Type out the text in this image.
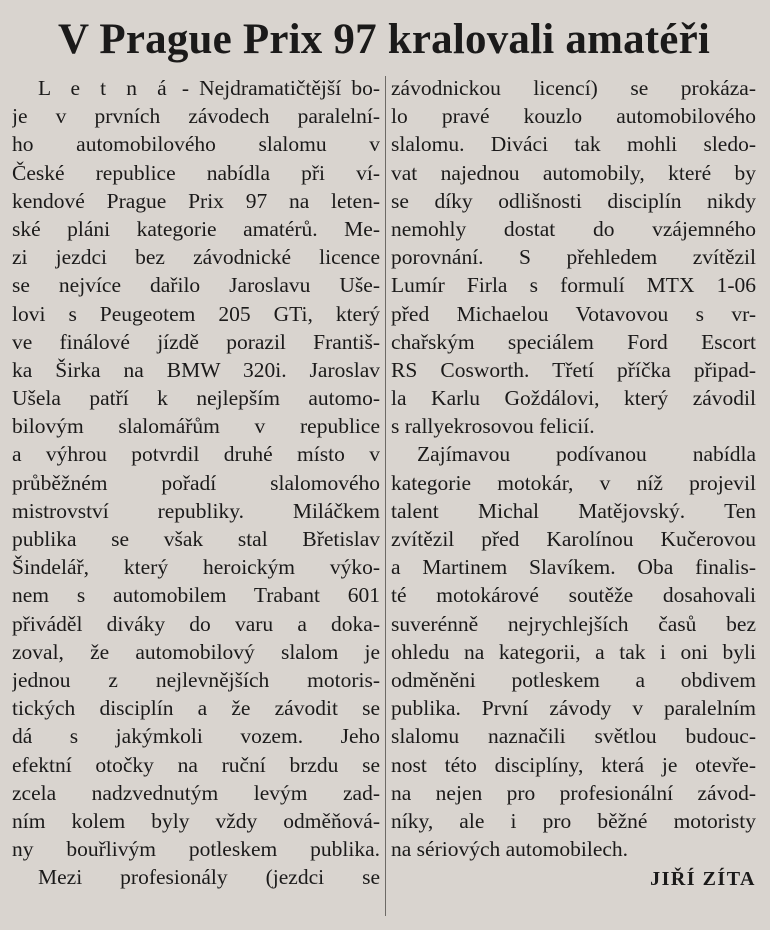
V Prague Prix 97 kralovali amatéři
L e t n á - Nejdramatičtější bo-
je v prvních závodech paralelní-
ho automobilového slalomu v
České republice nabídla při ví-
kendové Prague Prix 97 na leten-
ské pláni kategorie amatérů. Me-
zi jezdci bez závodnické licence
se nejvíce dařilo Jaroslavu Uše-
lovi s Peugeotem 205 GTi, který
ve finálové jízdě porazil Františ-
ka Širka na BMW 320i. Jaroslav
Ušela patří k nejlepším automo-
bilovým slalomářům v republice
a výhrou potvrdil druhé místo v
průběžném pořadí slalomového
mistrovství republiky. Miláčkem
publika se však stal Břetislav
Šindelář, který heroickým výko-
nem s automobilem Trabant 601
přiváděl diváky do varu a doka-
zoval, že automobilový slalom je
jednou z nejlevnějších motoris-
tických disciplín a že závodit se
dá s jakýmkoli vozem. Jeho
efektní otočky na ruční brzdu se
zcela nadzvednutým levým zad-
ním kolem byly vždy odměňová-
ny bouřlivým potleskem publika.
Mezi profesionály (jezdci se
závodnickou licencí) se prokáza-
lo pravé kouzlo automobilového
slalomu. Diváci tak mohli sledo-
vat najednou automobily, které by
se díky odlišnosti disciplín nikdy
nemohly dostat do vzájemného
porovnání. S přehledem zvítězil
Lumír Firla s formulí MTX 1-06
před Michaelou Votavovou s vr-
chařským speciálem Ford Escort
RS Cosworth. Třetí příčka připad-
la Karlu Goždálovi, který závodil
s rallyekrosovou felicií.
Zajímavou podívanou nabídla
kategorie motokár, v níž projevil
talent Michal Matějovský. Ten
zvítězil před Karolínou Kučerovou
a Martinem Slavíkem. Oba finalis-
té motokárové soutěže dosahovali
suverénně nejrychlejších časů bez
ohledu na kategorii, a tak i oni byli
odměněni potleskem a obdivem
publika. První závody v paralelním
slalomu naznačili světlou budouc-
nost této disciplíny, která je otevře-
na nejen pro profesionální závod-
níky, ale i pro běžné motoristy
na sériových automobilech.
JIŘÍ ZÍTA
